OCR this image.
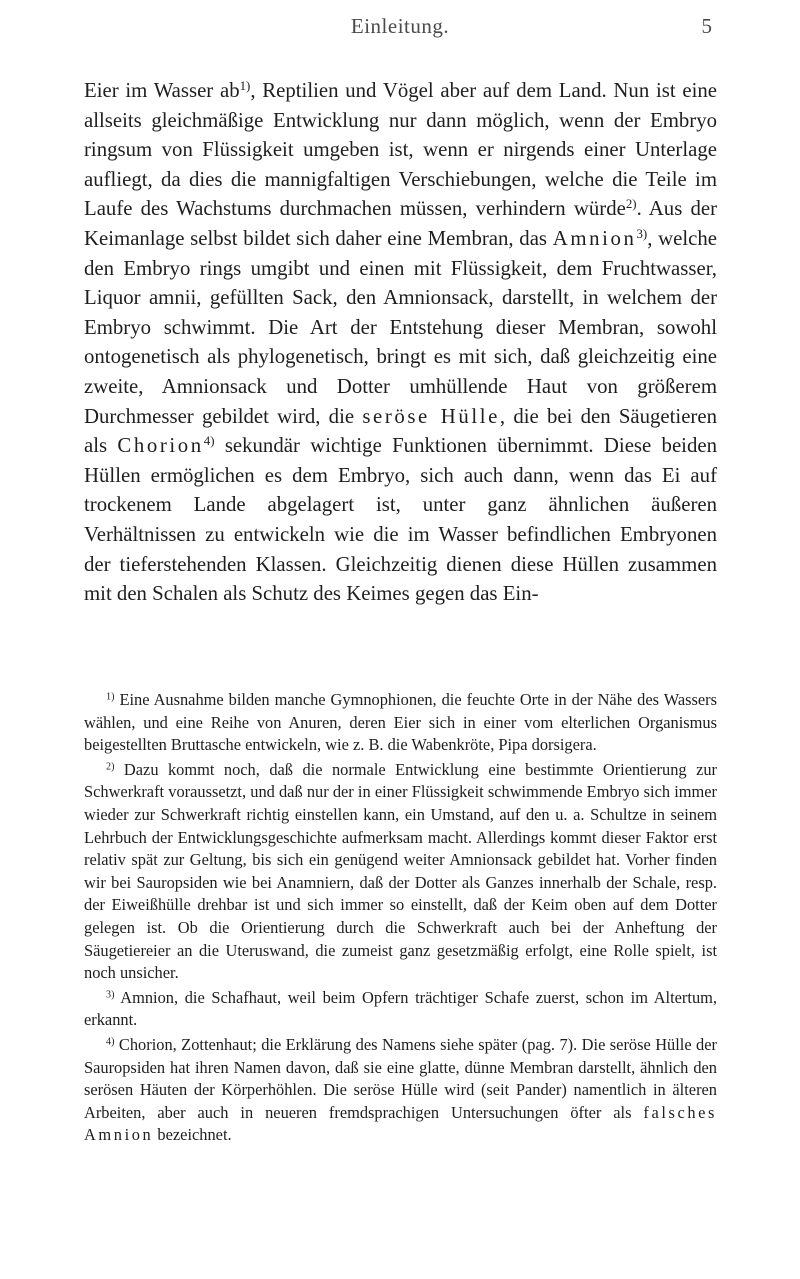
Einleitung.	5

Eier im Wasser $ab^{1)}$, Reptilien und Vögel aber auf dem Land. Nun ist eine allseits gleichmäßige Entwicklung nur dann möglich, wenn der Embryo ringsum von Flüssigkeit umgeben ist, wenn er nirgends einer Unterlage aufliegt, da dies die mannigfaltigen Verschiebungen, welche die Teile im Laufe des Wachstums durchmachen müssen, verhindern würde$^{2)}$. Aus der Keimanlage selbst bildet sich daher eine Membran, das Amnion$^{3)}$, welche den Embryo rings umgibt und einen mit Flüssigkeit, dem Fruchtwasser, Liquor amnii, gefüllten Sack, den Amnionsack, darstellt, in welchem der Embryo schwimmt. Die Art der Entstehung dieser Membran, sowohl ontogenetisch als phylogenetisch, bringt es mit sich, daß gleichzeitig eine zweite, Amnionsack und Dotter umhüllende Haut von größerem Durchmesser gebildet wird, die seröse Hülle, die bei den Säugetieren als Chorion$^{4)}$ sekundär wichtige Funktionen übernimmt. Diese beiden Hüllen ermöglichen es dem Embryo, sich auch dann, wenn das Ei auf trockenem Lande abgelagert ist, unter ganz ähnlichen äußeren Verhältnissen zu entwickeln wie die im Wasser befindlichen Embryonen der tieferstehenden Klassen. Gleichzeitig dienen diese Hüllen zusammen mit den Schalen als Schutz des Keimes gegen das Ein-

$^{1)}$ Eine Ausnahme bilden manche Gymnophionen, die feuchte Orte in der Nähe des Wassers wählen, und eine Reihe von Anuren, deren Eier sich in einer vom elterlichen Organismus beigestellten Bruttasche entwickeln, wie z. B. die Wabenkröte, Pipa dorsigera.

$^{2)}$ Dazu kommt noch, daß die normale Entwicklung eine bestimmte Orientierung zur Schwerkraft voraussetzt, und daß nur der in einer Flüssigkeit schwimmende Embryo sich immer wieder zur Schwerkraft richtig einstellen kann, ein Umstand, auf den u. a. Schultze in seinem Lehrbuch der Entwicklungsgeschichte aufmerksam macht. Allerdings kommt dieser Faktor erst relativ spät zur Geltung, bis sich ein genügend weiter Amnionsack gebildet hat. Vorher finden wir bei Sauropsiden wie bei Anamniern, daß der Dotter als Ganzes innerhalb der Schale, resp. der Eiweißhülle drehbar ist und sich immer so einstellt, daß der Keim oben auf dem Dotter gelegen ist. Ob die Orientierung durch die Schwerkraft auch bei der Anheftung der Säugetiereier an die Uteruswand, die zumeist ganz gesetzmäßig erfolgt, eine Rolle spielt, ist noch unsicher.

$^{3)}$ Amnion, die Schafhaut, weil beim Opfern trächtiger Schafe zuerst, schon im Altertum, erkannt.

$^{4)}$ Chorion, Zottenhaut; die Erklärung des Namens siehe später (pag. 7). Die seröse Hülle der Sauropsiden hat ihren Namen davon, daß sie eine glatte, dünne Membran darstellt, ähnlich den serösen Häuten der Körperhöhlen. Die seröse Hülle wird (seit Pander) namentlich in älteren Arbeiten, aber auch in neueren fremdsprachigen Untersuchungen öfter als falsches Amnion bezeichnet.
